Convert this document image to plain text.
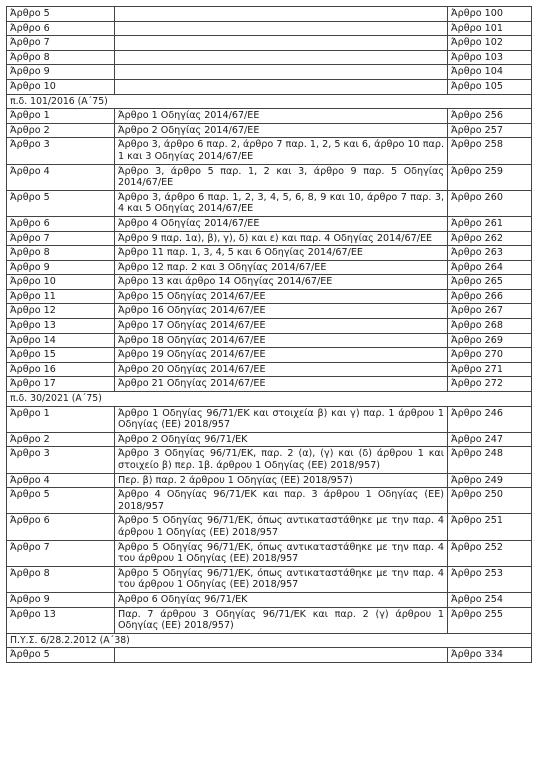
Άρθρο 5		Άρθρο 100
Άρθρο 6		Άρθρο 101
Άρθρο 7		Άρθρο 102
Άρθρο 8		Άρθρο 103
Άρθρο 9		Άρθρο 104
Άρθρο 10		Άρθρο 105
π.δ. 101/2016 (Α΄75)		
Άρθρο 1	Άρθρο 1 Οδηγίας 2014/67/ΕΕ	Άρθρο 256
Άρθρο 2	Άρθρο 2 Οδηγίας 2014/67/ΕΕ	Άρθρο 257
Άρθρο 3	Άρθρο 3, άρθρο 6 παρ. 2, άρθρο 7 παρ. 1, 2, 5 και 6, άρθρο 10 παρ. 1 και 3 Οδηγίας 2014/67/ΕΕ	Άρθρο 258
Άρθρο 4	Άρθρο 3, άρθρο 5 παρ. 1, 2 και 3, άρθρο 9 παρ. 5 Οδηγίας 2014/67/ΕΕ	Άρθρο 259
Άρθρο 5	Άρθρο 3, άρθρο 6 παρ. 1, 2, 3, 4, 5, 6, 8, 9 και 10, άρθρο 7 παρ. 3, 4 και 5 Οδηγίας 2014/67/ΕΕ	Άρθρο 260
Άρθρο 6	Άρθρο 4 Οδηγίας 2014/67/ΕΕ	Άρθρο 261
Άρθρο 7	Άρθρο 9 παρ. 1α), β), γ), δ) και ε) και παρ. 4 Οδηγίας 2014/67/ΕΕ	Άρθρο 262
Άρθρο 8	Άρθρο 11 παρ. 1, 3, 4, 5 και 6 Οδηγίας 2014/67/ΕΕ	Άρθρο 263
Άρθρο 9	Άρθρο 12 παρ. 2 και 3 Οδηγίας 2014/67/ΕΕ	Άρθρο 264
Άρθρο 10	Άρθρο 13 και άρθρο 14 Οδηγίας 2014/67/ΕΕ	Άρθρο 265
Άρθρο 11	Άρθρο 15 Οδηγίας 2014/67/ΕΕ	Άρθρο 266
Άρθρο 12	Άρθρο 16 Οδηγίας 2014/67/ΕΕ	Άρθρο 267
Άρθρο 13	Άρθρο 17 Οδηγίας 2014/67/ΕΕ	Άρθρο 268
Άρθρο 14	Άρθρο 18 Οδηγίας 2014/67/ΕΕ	Άρθρο 269
Άρθρο 15	Άρθρο 19 Οδηγίας 2014/67/ΕΕ	Άρθρο 270
Άρθρο 16	Άρθρο 20 Οδηγίας 2014/67/ΕΕ	Άρθρο 271
Άρθρο 17	Άρθρο 21 Οδηγίας 2014/67/ΕΕ	Άρθρο 272
π.δ. 30/2021 (Α΄75)		
Άρθρο 1	Άρθρο 1 Οδηγίας 96/71/ΕΚ και στοιχεία β) και γ) παρ. 1 άρθρου 1 Οδηγίας (ΕΕ) 2018/957	Άρθρο 246
Άρθρο 2	Άρθρο 2 Οδηγίας 96/71/ΕΚ	Άρθρο 247
Άρθρο 3	Άρθρο 3 Οδηγίας 96/71/ΕΚ, παρ. 2 (α), (γ) και (δ) άρθρου 1 και στοιχείο β) περ. 1β. άρθρου 1 Οδηγίας (ΕΕ) 2018/957)	Άρθρο 248
Άρθρο 4	Περ. β) παρ. 2 άρθρου 1 Οδηγίας (ΕΕ) 2018/957)	Άρθρο 249
Άρθρο 5	Άρθρο 4 Οδηγίας 96/71/ΕΚ και παρ. 3 άρθρου 1 Οδηγίας (ΕΕ) 2018/957	Άρθρο 250
Άρθρο 6	Άρθρο 5 Οδηγίας 96/71/ΕΚ, όπως αντικαταστάθηκε με την παρ. 4 άρθρου 1 Οδηγίας (ΕΕ) 2018/957	Άρθρο 251
Άρθρο 7	Άρθρο 5 Οδηγίας 96/71/ΕΚ, όπως αντικαταστάθηκε με την παρ. 4 του άρθρου 1 Οδηγίας (ΕΕ) 2018/957	Άρθρο 252
Άρθρο 8	Άρθρο 5 Οδηγίας 96/71/ΕΚ, όπως αντικαταστάθηκε με την παρ. 4 του άρθρου 1 Οδηγίας (ΕΕ) 2018/957	Άρθρο 253
Άρθρο 9	Άρθρο 6 Οδηγίας 96/71/ΕΚ	Άρθρο 254
Άρθρο 13	Παρ. 7 άρθρου 3 Οδηγίας 96/71/ΕΚ και παρ. 2 (γ) άρθρου 1 Οδηγίας (ΕΕ) 2018/957)	Άρθρο 255
Π.Υ.Σ. 6/28.2.2012 (Α΄38)		
Άρθρο 5		Άρθρο 334
